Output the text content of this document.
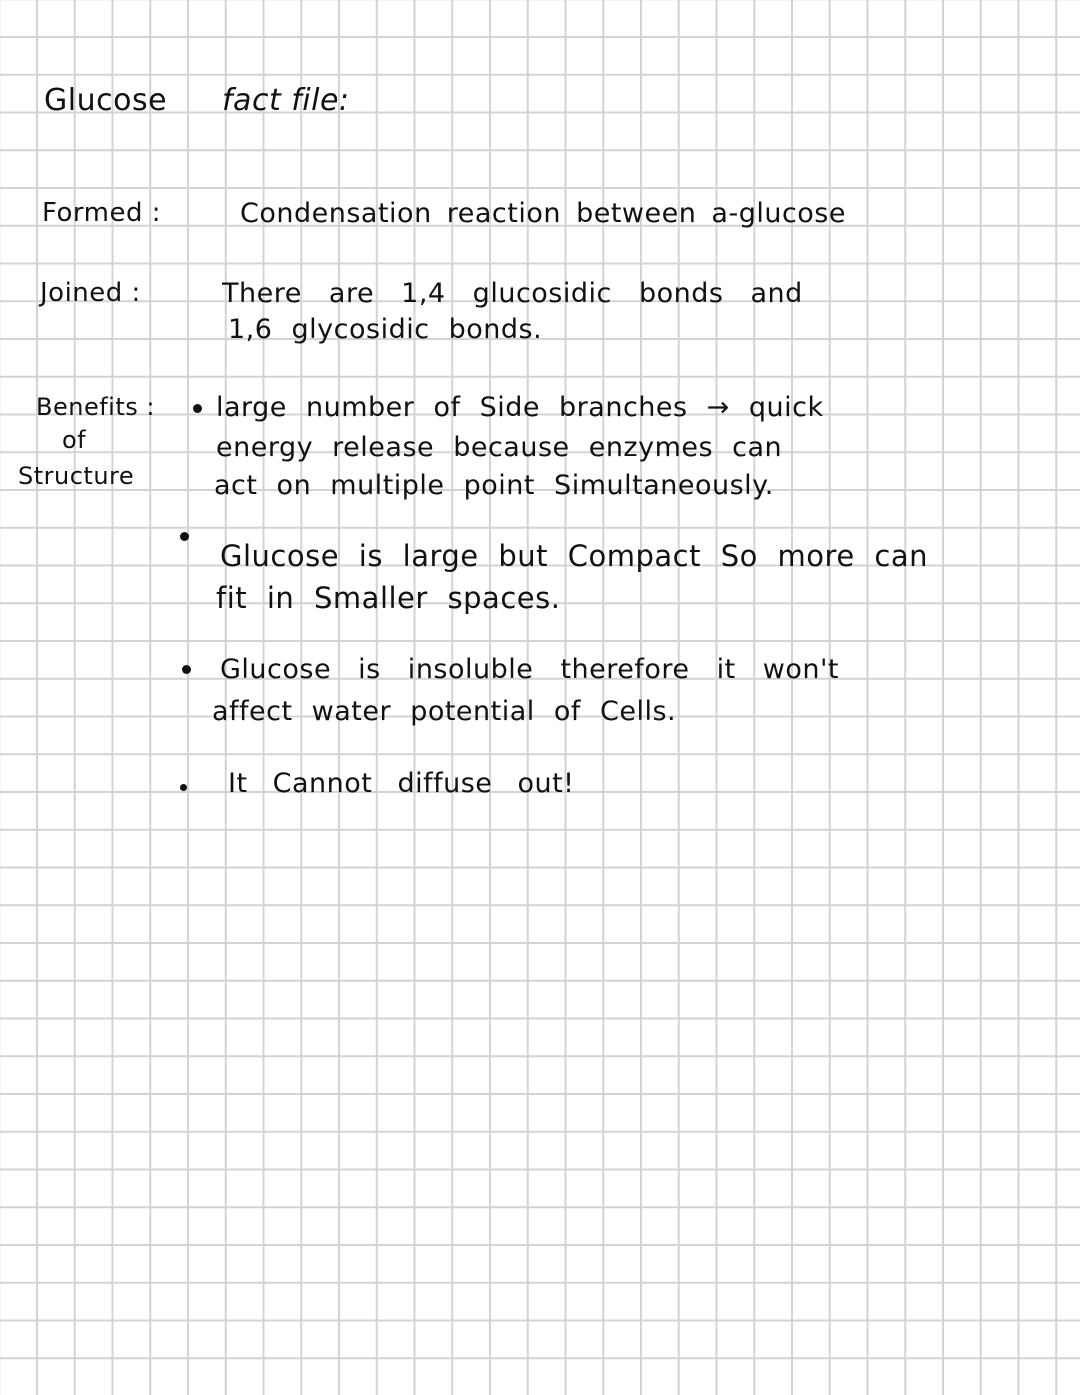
Glucose fact file:
Formed :	Condensation reaction between a-glucose
Joined :	There are 1,4 glucosidic bonds and
1,6 glycosidic bonds.
Benefits :
of
Structure
large number of Side branches → quick
energy release because enzymes can
act on multiple point Simultaneously.
Glucose is large but Compact So more can
fit in Smaller spaces.
Glucose is insoluble therefore it won't
affect water potential of Cells.
It Cannot diffuse out!
